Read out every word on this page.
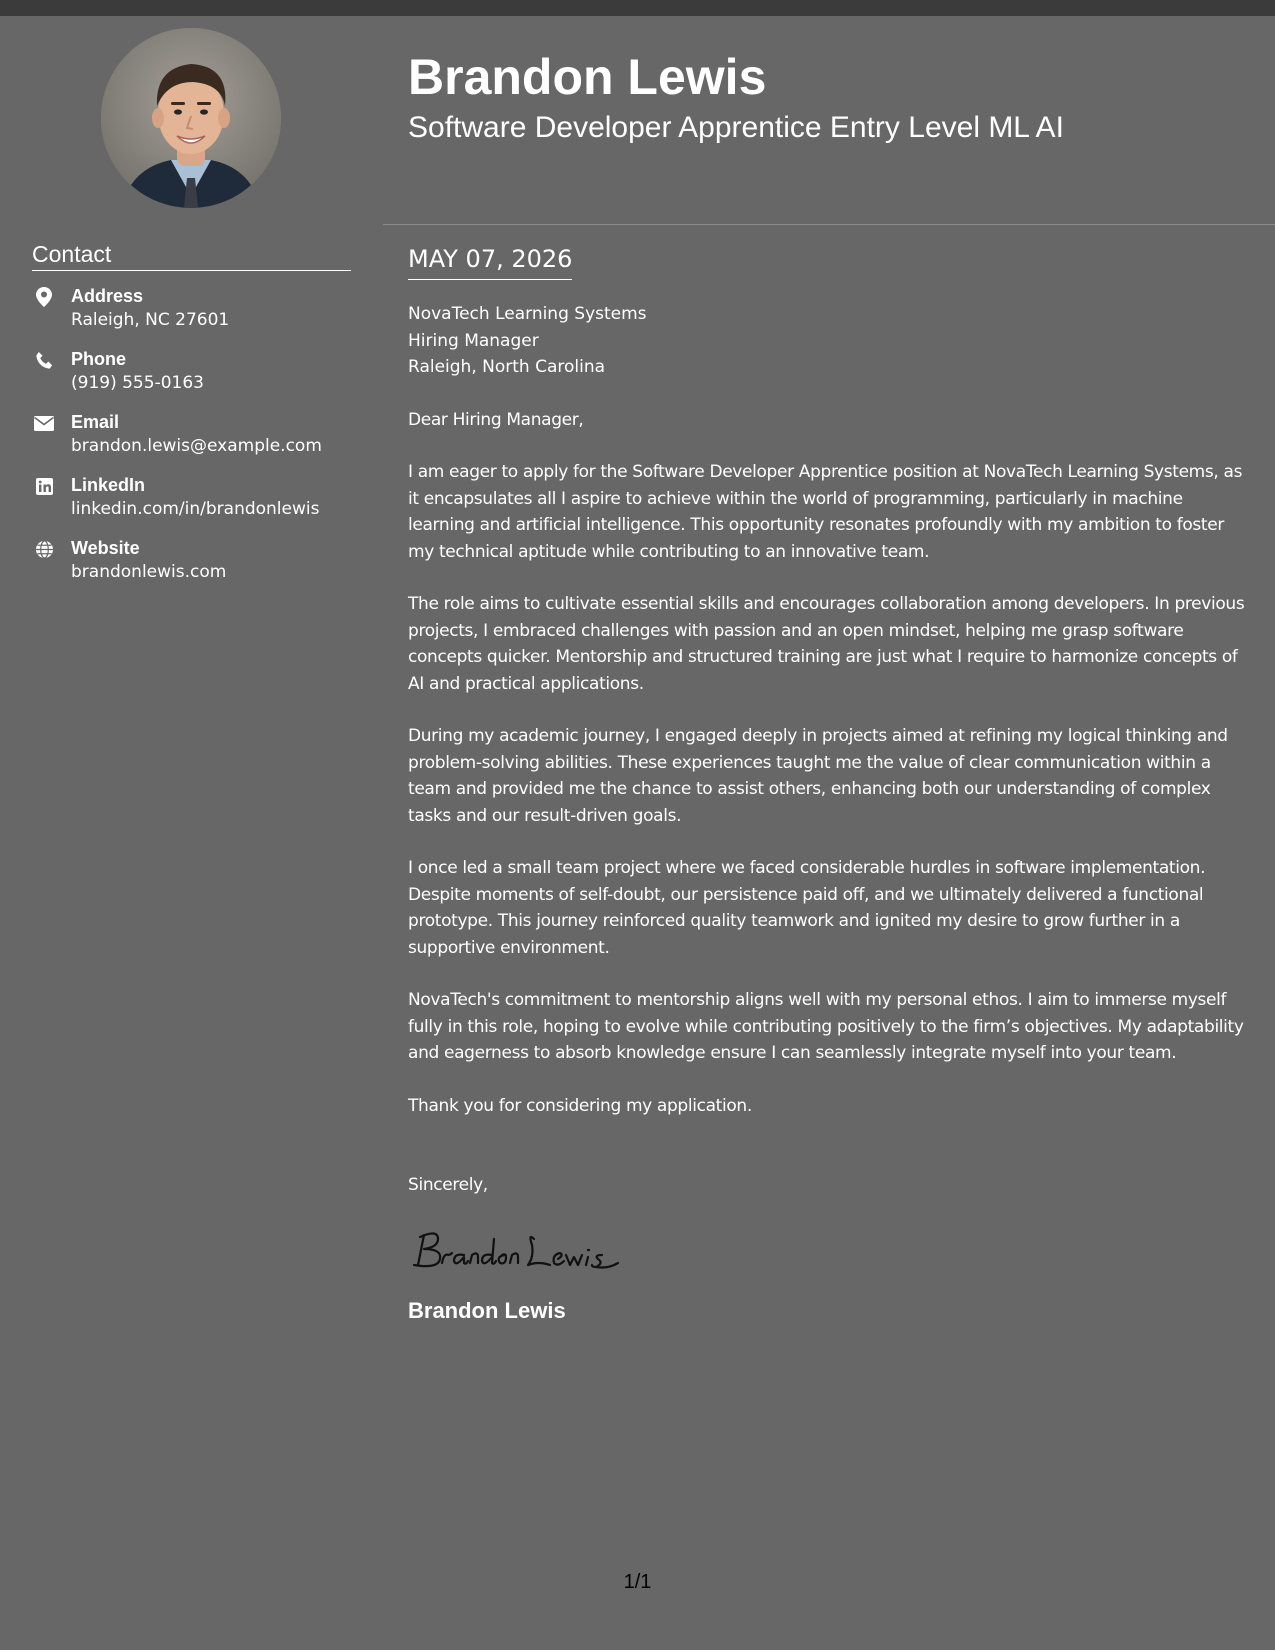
Contact
Address
Raleigh, NC 27601
Phone
(919) 555-0163
Email
brandon.lewis@example.com
LinkedIn
linkedin.com/in/brandonlewis
Website
brandonlewis.com
Brandon Lewis
Software Developer Apprentice Entry Level ML AI
MAY 07, 2026
NovaTech Learning Systems
Hiring Manager
Raleigh, North Carolina

Dear Hiring Manager,

I am eager to apply for the Software Developer Apprentice position at NovaTech Learning Systems, as it encapsulates all I aspire to achieve within the world of programming, particularly in machine learning and artificial intelligence. This opportunity resonates profoundly with my ambition to foster my technical aptitude while contributing to an innovative team.

The role aims to cultivate essential skills and encourages collaboration among developers. In previous projects, I embraced challenges with passion and an open mindset, helping me grasp software concepts quicker. Mentorship and structured training are just what I require to harmonize concepts of AI and practical applications.

During my academic journey, I engaged deeply in projects aimed at refining my logical thinking and problem-solving abilities. These experiences taught me the value of clear communication within a team and provided me the chance to assist others, enhancing both our understanding of complex tasks and our result-driven goals.

I once led a small team project where we faced considerable hurdles in software implementation. Despite moments of self-doubt, our persistence paid off, and we ultimately delivered a functional prototype. This journey reinforced quality teamwork and ignited my desire to grow further in a supportive environment.

NovaTech's commitment to mentorship aligns well with my personal ethos. I aim to immerse myself fully in this role, hoping to evolve while contributing positively to the firm’s objectives. My adaptability and eagerness to absorb knowledge ensure I can seamlessly integrate myself into your team.

Thank you for considering my application.

Sincerely,

Brandon Lewis
1/1
